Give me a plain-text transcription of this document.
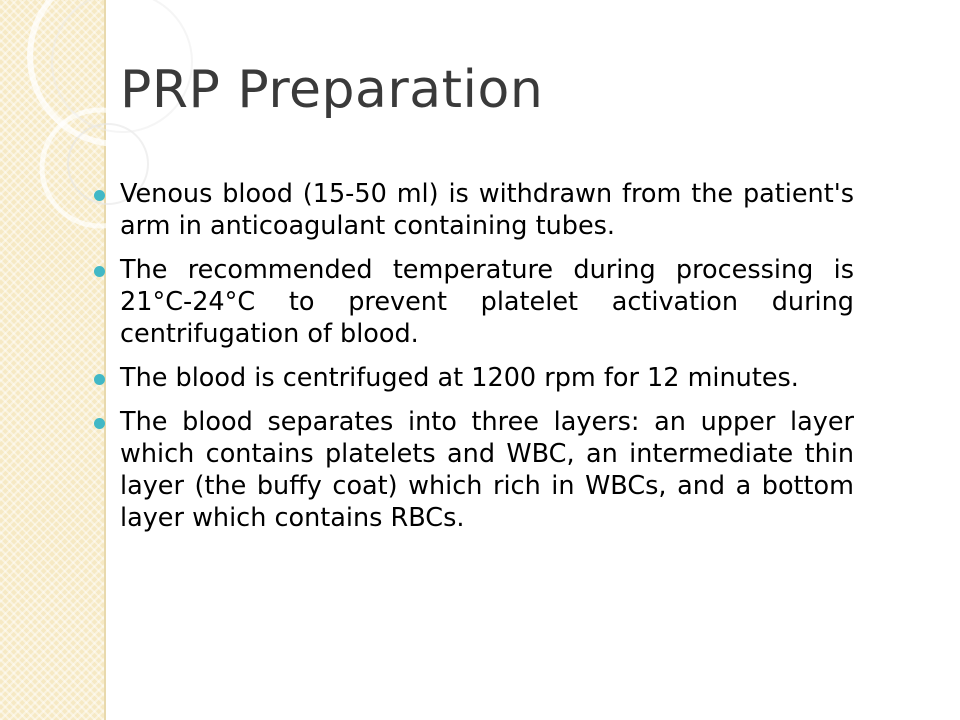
PRP Preparation
Venous blood (15-50 ml) is withdrawn from the patient's arm in anticoagulant containing tubes.
The recommended temperature during processing is 21°C-24°C to prevent platelet activation during centrifugation of blood.
The blood is centrifuged at 1200 rpm for 12 minutes.
The blood separates into three layers: an upper layer which contains platelets and WBC, an intermediate thin layer (the buffy coat) which rich in WBCs, and a bottom layer which contains RBCs.
